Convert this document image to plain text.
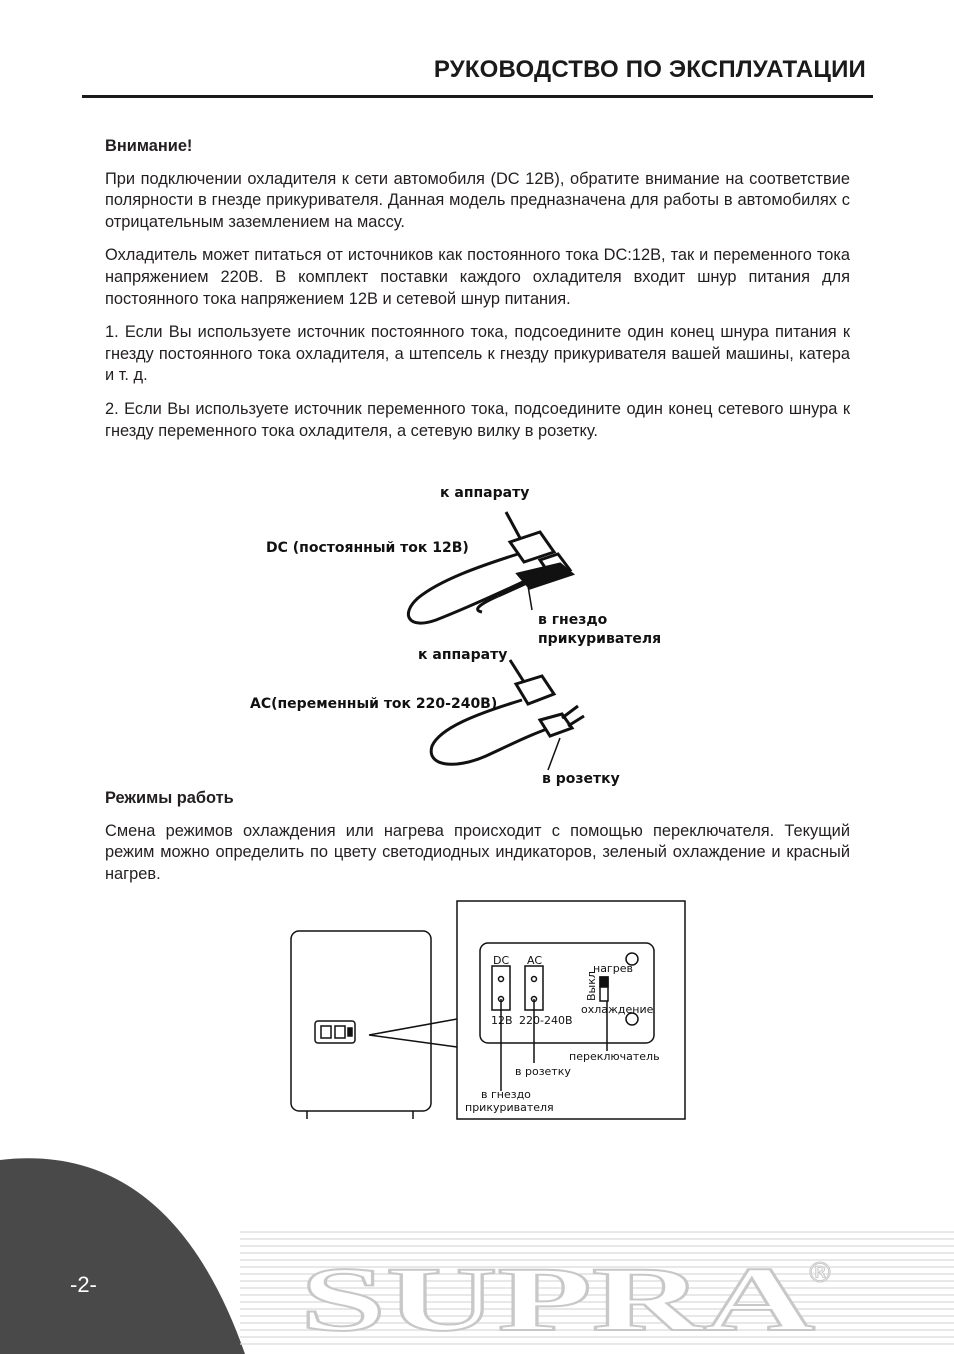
SUPRA
®
РУКОВОДСТВО ПО ЭКСПЛУАТАЦИИ

Внимание!

При подключении охладителя к сети автомобиля (DC 12В), обратите внимание на соответствие полярности в гнезде прикуривателя. Данная модель предназначена для работы в автомобилях с отрицательным заземлением на массу.

Охладитель может питаться от источников как постоянного тока DC:12В, так и переменного тока напряжением 220В. В комплект поставки каждого охладителя входит шнур питания для постоянного тока напряжением 12В и сетевой шнур питания.

1. Если Вы используете источник постоянного тока, подсоедините один конец шнура питания к гнезду постоянного тока охладителя, а штепсель к гнезду прикуривателя вашей машины, катера и т. д.

2. Если Вы используете источник переменного тока, подсоедините один конец сетевого шнура к гнезду переменного тока охладителя, а сетевую вилку в розетку.

к аппарату
DC (постоянный ток 12В)
в гнездо
прикуривателя
к аппарату
АС(переменный ток 220-240В)
в розетку

Режимы работь

Смена режимов охлаждения или нагрева происходит с помощью переключателя. Текущий режим можно определить по цвету светодиодных индикаторов, зеленый охлаждение и красный нагрев.

DC AC
12В 220-240В
нагрев
Выкл
охлаждение
переключатель
в розетку
в гнездо
прикуривателя
-2-
